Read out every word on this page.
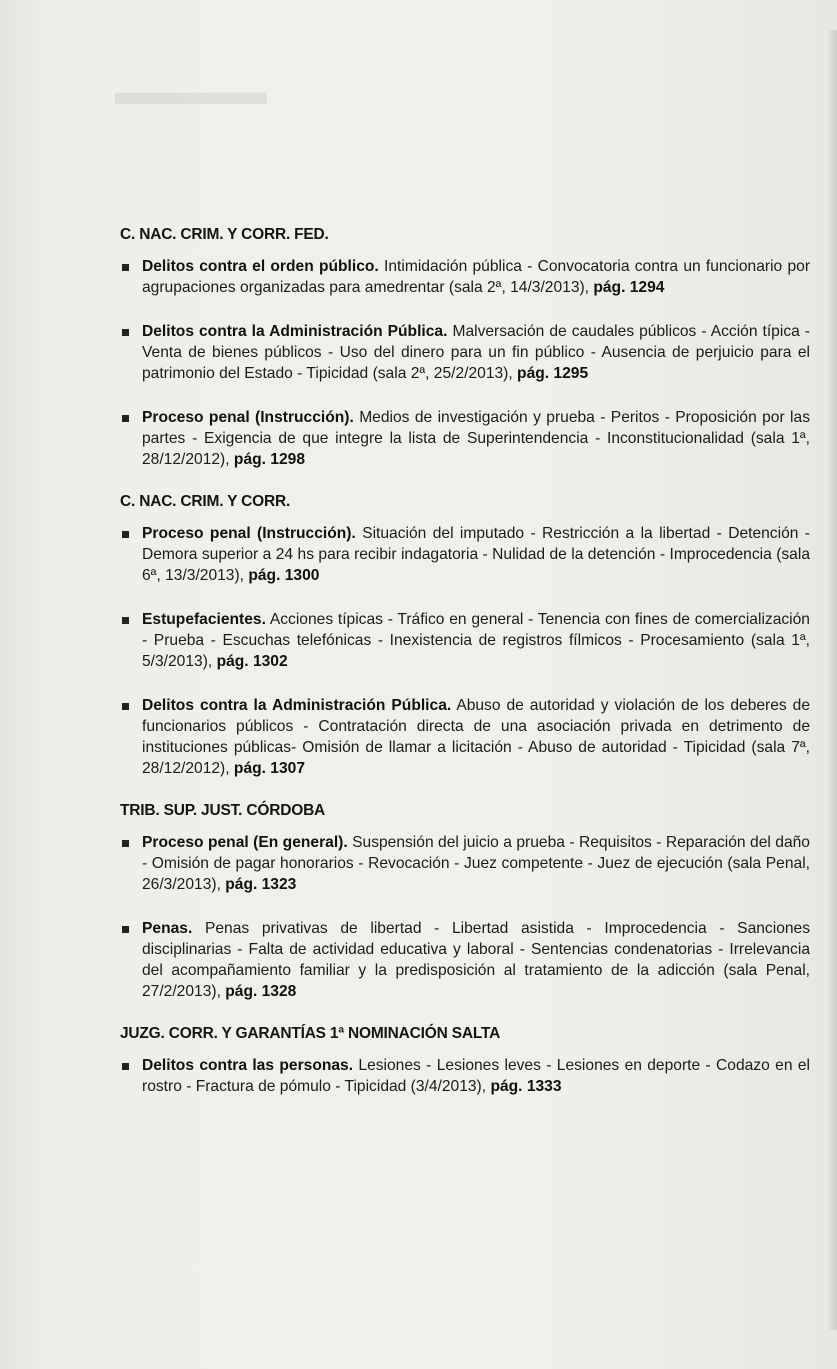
▬▬▬▬
C. NAC. CRIM. Y CORR. FED.
Delitos contra el orden público. Intimidación pública - Convocatoria contra un funcionario por agrupaciones organizadas para amedrentar (sala 2ª, 14/3/2013), pág. 1294
Delitos contra la Administración Pública. Malversación de caudales públicos - Acción típica - Venta de bienes públicos - Uso del dinero para un fin público - Ausencia de perjuicio para el patrimonio del Estado - Tipicidad (sala 2ª, 25/2/2013), pág. 1295
Proceso penal (Instrucción). Medios de investigación y prueba - Peritos - Proposición por las partes - Exigencia de que integre la lista de Superintendencia - Inconstitucionalidad (sala 1ª, 28/12/2012), pág. 1298
C. NAC. CRIM. Y CORR.
Proceso penal (Instrucción). Situación del imputado - Restricción a la libertad - Detención - Demora superior a 24 hs para recibir indagatoria - Nulidad de la detención - Improcedencia (sala 6ª, 13/3/2013), pág. 1300
Estupefacientes. Acciones típicas - Tráfico en general - Tenencia con fines de comercialización - Prueba - Escuchas telefónicas - Inexistencia de registros fílmicos - Procesamiento (sala 1ª, 5/3/2013), pág. 1302
Delitos contra la Administración Pública. Abuso de autoridad y violación de los deberes de funcionarios públicos - Contratación directa de una asociación privada en detrimento de instituciones públicas- Omisión de llamar a licitación - Abuso de autoridad - Tipicidad (sala 7ª, 28/12/2012), pág. 1307
TRIB. SUP. JUST. CÓRDOBA
Proceso penal (En general). Suspensión del juicio a prueba - Requisitos - Reparación del daño - Omisión de pagar honorarios - Revocación - Juez competente - Juez de ejecución (sala Penal, 26/3/2013), pág. 1323
Penas. Penas privativas de libertad - Libertad asistida - Improcedencia - Sanciones disciplinarias - Falta de actividad educativa y laboral - Sentencias condenatorias - Irrelevancia del acompañamiento familiar y la predisposición al tratamiento de la adicción (sala Penal, 27/2/2013), pág. 1328
JUZG. CORR. Y GARANTÍAS 1ª NOMINACIÓN SALTA
Delitos contra las personas. Lesiones - Lesiones leves - Lesiones en deporte - Codazo en el rostro - Fractura de pómulo - Tipicidad (3/4/2013), pág. 1333
